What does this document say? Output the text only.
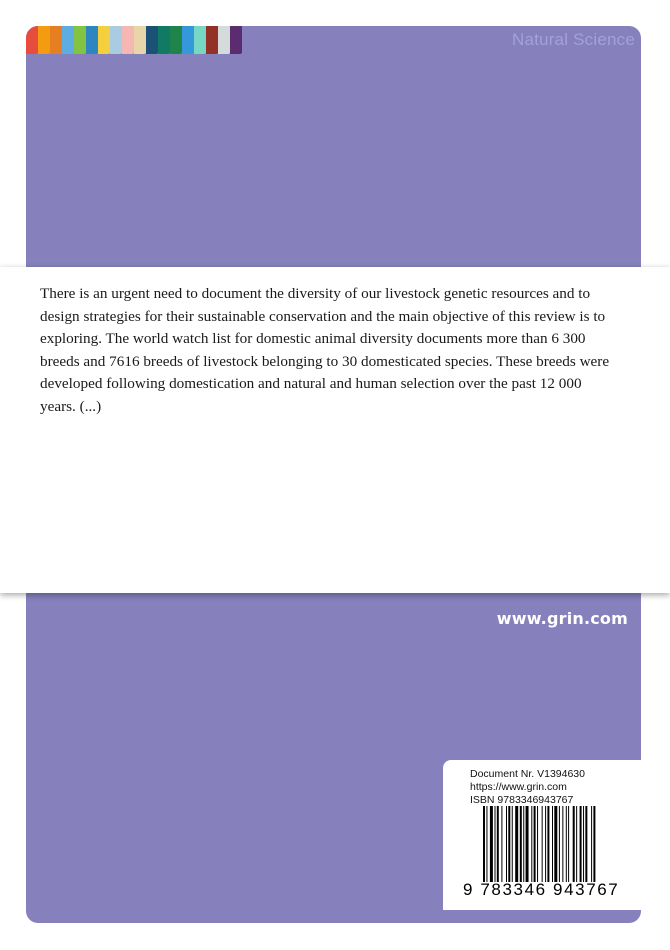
Natural Science

There is an urgent need to document the diversity of our livestock genetic resources and to design strategies for their sustainable conservation and the main objective of this review is to exploring. The world watch list for domestic animal diversity documents more than 6 300 breeds and 7616 breeds of livestock belonging to 30 domesticated species. These breeds were developed following domestication and natural and human selection over the past 12 000 years. (...)

www.grin.com
Document Nr. V1394630
https://www.grin.com
ISBN 9783346943767
9 783346 943767
